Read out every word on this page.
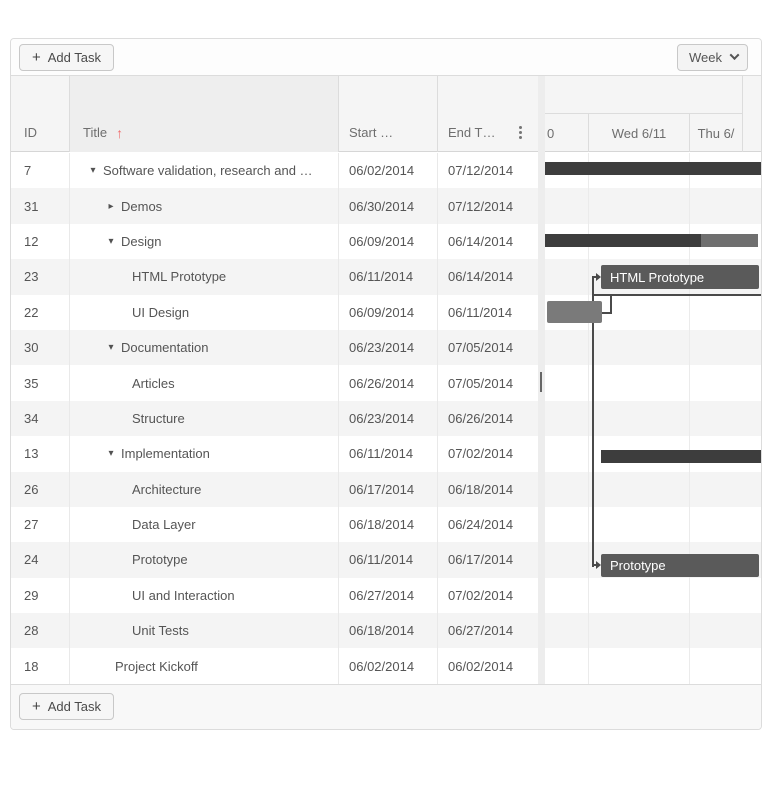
+ Add Task	Week
ID	Title ↑	Start …	End T…	0	Wed 6/11	Thu 6/
7	▾ Software validation, research and …	06/02/2014	07/12/2014
31	▸ Demos	06/30/2014	07/12/2014
12	▾ Design	06/09/2014	06/14/2014
23	HTML Prototype	06/11/2014	06/14/2014
22	UI Design	06/09/2014	06/11/2014
30	▾ Documentation	06/23/2014	07/05/2014
35	Articles	06/26/2014	07/05/2014
34	Structure	06/23/2014	06/26/2014
13	▾ Implementation	06/11/2014	07/02/2014
26	Architecture	06/17/2014	06/18/2014
27	Data Layer	06/18/2014	06/24/2014
24	Prototype	06/11/2014	06/17/2014
29	UI and Interaction	06/27/2014	07/02/2014
28	Unit Tests	06/18/2014	06/27/2014
18	Project Kickoff	06/02/2014	06/02/2014
HTML Prototype
Prototype
+ Add Task
